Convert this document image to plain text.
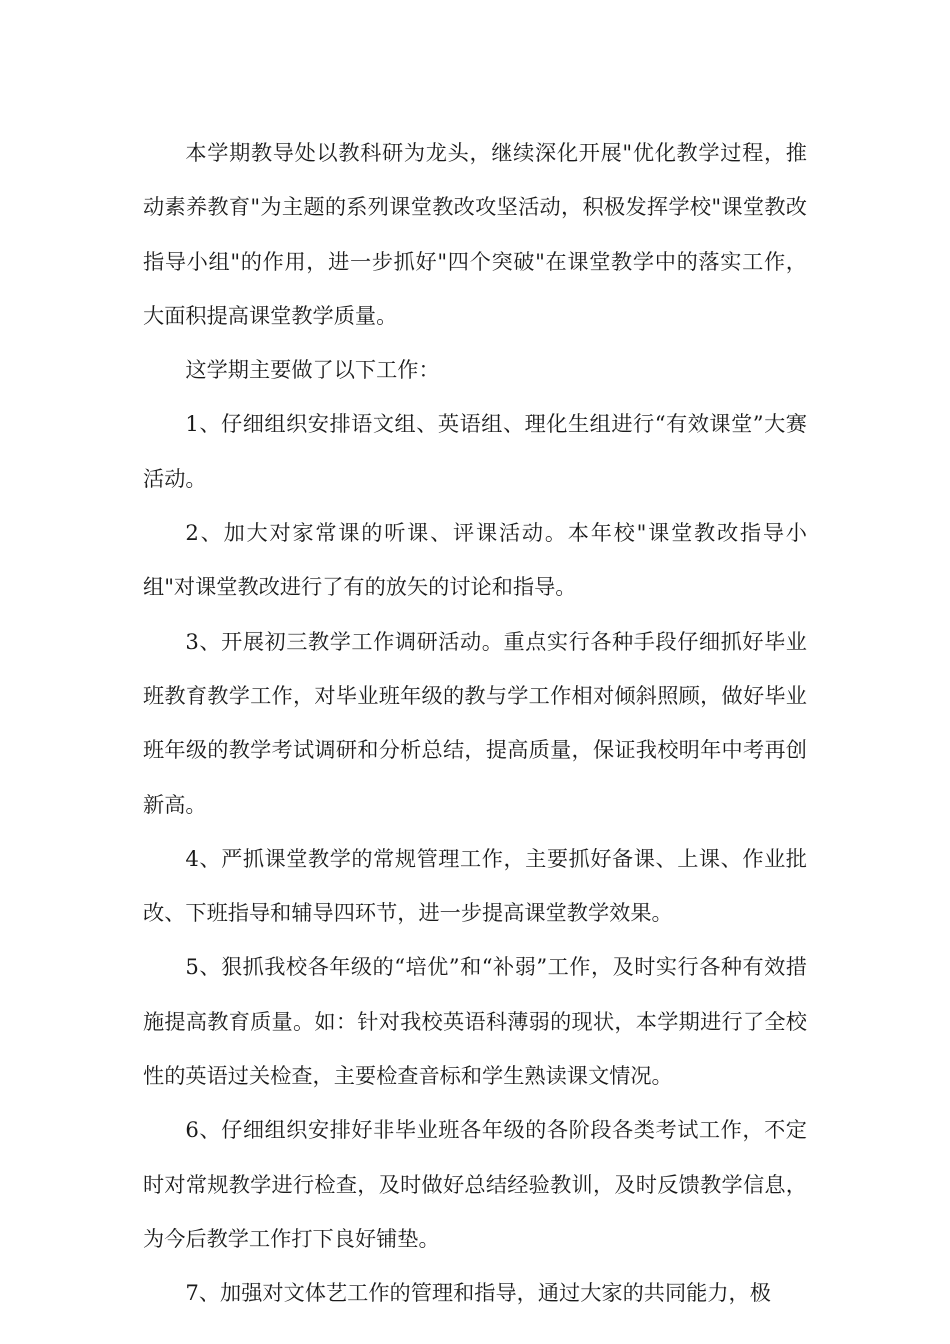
本学期教导处以教科研为龙头，继续深化开展"优化教学过程，推动素养教育"为主题的系列课堂教改攻坚活动，积极发挥学校"课堂教改指导小组"的作用，进一步抓好"四个突破"在课堂教学中的落实工作，大面积提高课堂教学质量。

这学期主要做了以下工作：

1、仔细组织安排语文组、英语组、理化生组进行“有效课堂”大赛活动。

2、加大对家常课的听课、评课活动。本年校"课堂教改指导小组"对课堂教改进行了有的放矢的讨论和指导。

3、开展初三教学工作调研活动。重点实行各种手段仔细抓好毕业班教育教学工作，对毕业班年级的教与学工作相对倾斜照顾，做好毕业班年级的教学考试调研和分析总结，提高质量，保证我校明年中考再创新高。

4、严抓课堂教学的常规管理工作，主要抓好备课、上课、作业批改、下班指导和辅导四环节，进一步提高课堂教学效果。

5、狠抓我校各年级的“培优”和“补弱”工作，及时实行各种有效措施提高教育质量。如：针对我校英语科薄弱的现状，本学期进行了全校性的英语过关检查，主要检查音标和学生熟读课文情况。

6、仔细组织安排好非毕业班各年级的各阶段各类考试工作，不定时对常规教学进行检查，及时做好总结经验教训，及时反馈教学信息，为今后教学工作打下良好铺垫。

7、加强对文体艺工作的管理和指导，通过大家的共同能力，极
